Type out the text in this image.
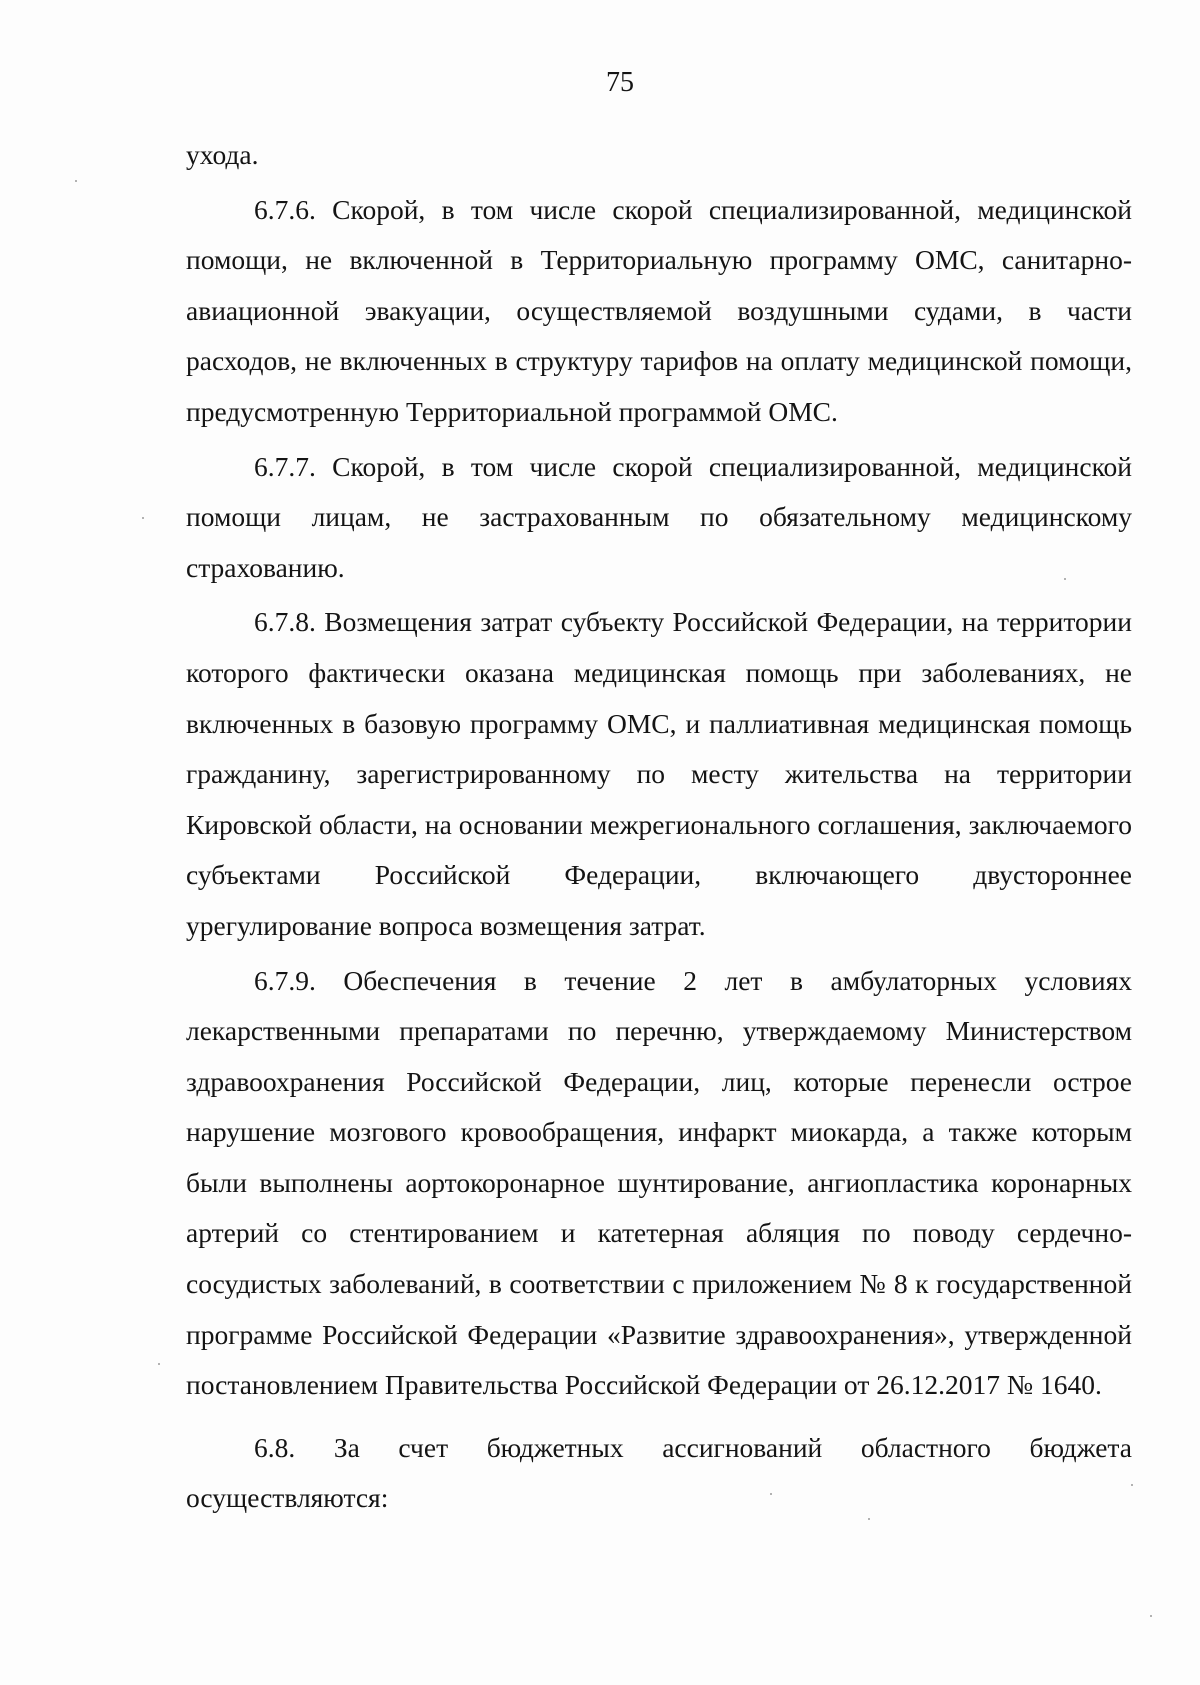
75

ухода.

6.7.6. Скорой, в том числе скорой специализированной, медицинской помощи, не включенной в Территориальную программу ОМС, санитарно-авиационной эвакуации, осуществляемой воздушными судами, в части расходов, не включенных в структуру тарифов на оплату медицинской помощи, предусмотренную Территориальной программой ОМС.

6.7.7. Скорой, в том числе скорой специализированной, медицинской помощи лицам, не застрахованным по обязательному медицинскому страхованию.

6.7.8. Возмещения затрат субъекту Российской Федерации, на территории которого фактически оказана медицинская помощь при заболеваниях, не включенных в базовую программу ОМС, и паллиативная медицинская помощь гражданину, зарегистрированному по месту жительства на территории Кировской области, на основании межрегионального соглашения, заключаемого субъектами Российской Федерации, включающего двустороннее урегулирование вопроса возмещения затрат.

6.7.9. Обеспечения в течение 2 лет в амбулаторных условиях лекарственными препаратами по перечню, утверждаемому Министерством здравоохранения Российской Федерации, лиц, которые перенесли острое нарушение мозгового кровообращения, инфаркт миокарда, а также которым были выполнены аортокоронарное шунтирование, ангиопластика коронарных артерий со стентированием и катетерная абляция по поводу сердечно-сосудистых заболеваний, в соответствии с приложением № 8 к государственной программе Российской Федерации «Развитие здравоохранения», утвержденной постановлением Правительства Российской Федерации от 26.12.2017 № 1640.

6.8. За счет бюджетных ассигнований областного бюджета осуществляются:
